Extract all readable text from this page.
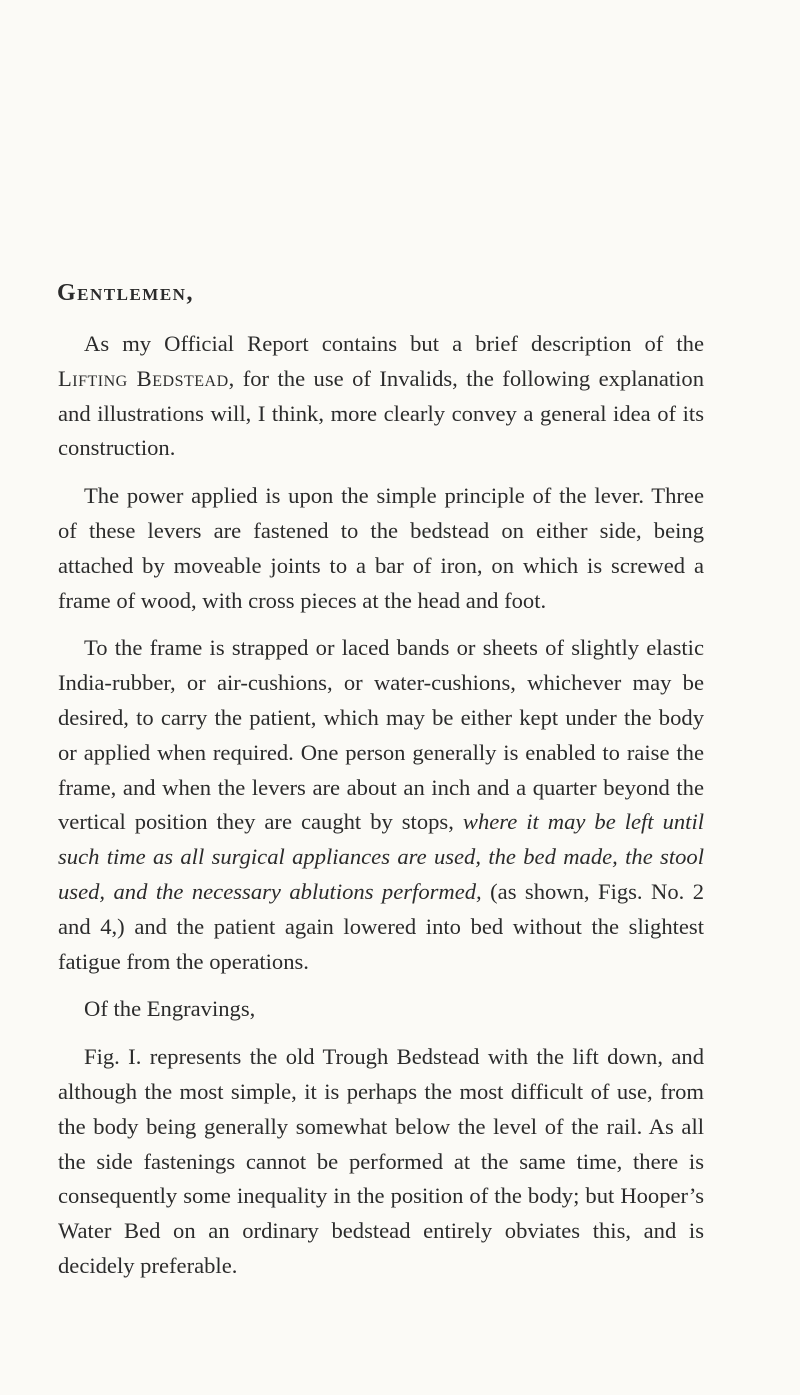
Gentlemen,

As my Official Report contains but a brief description of the Lifting Bedstead, for the use of Invalids, the following explanation and illustrations will, I think, more clearly convey a general idea of its construction.

The power applied is upon the simple principle of the lever. Three of these levers are fastened to the bedstead on either side, being attached by moveable joints to a bar of iron, on which is screwed a frame of wood, with cross pieces at the head and foot.

To the frame is strapped or laced bands or sheets of slightly elastic India-rubber, or air-cushions, or water-cushions, whichever may be desired, to carry the patient, which may be either kept under the body or applied when required. One person generally is enabled to raise the frame, and when the levers are about an inch and a quarter beyond the vertical position they are caught by stops, where it may be left until such time as all surgical appliances are used, the bed made, the stool used, and the necessary ablutions performed, (as shown, Figs. No. 2 and 4,) and the patient again lowered into bed without the slightest fatigue from the operations.

Of the Engravings,

Fig. I. represents the old Trough Bedstead with the lift down, and although the most simple, it is perhaps the most difficult of use, from the body being generally somewhat below the level of the rail. As all the side fastenings cannot be performed at the same time, there is consequently some inequality in the position of the body; but Hooper’s Water Bed on an ordinary bedstead entirely obviates this, and is decidely preferable.
